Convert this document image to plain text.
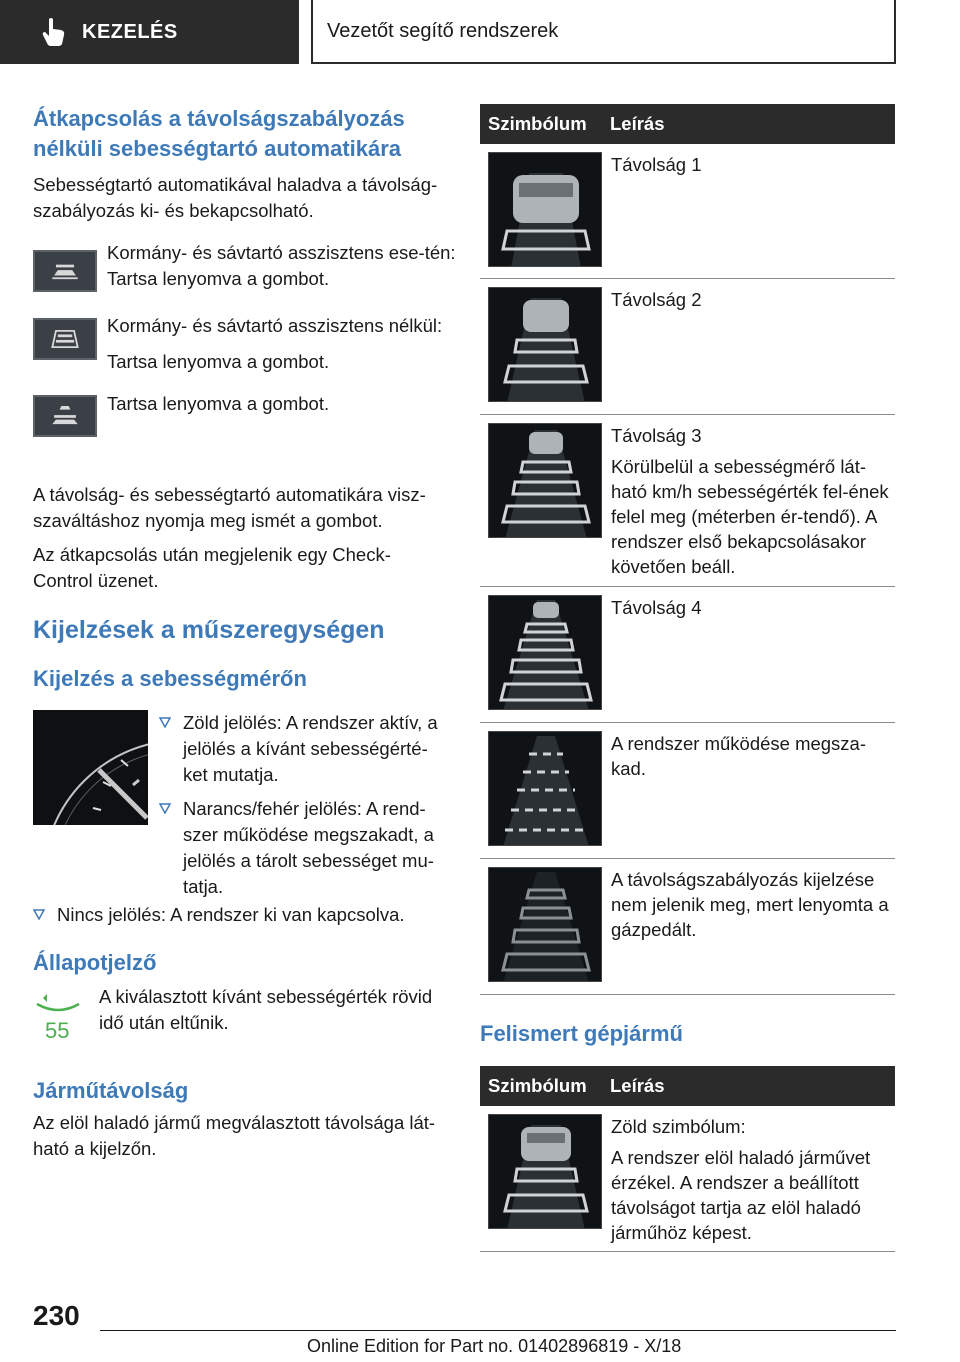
KEZELÉS	Vezetőt segítő rendszerek
Átkapcsolás a távolságszabályozás nélküli sebességtartó automatikára

Sebességtartó automatikával haladva a távolság-szabályozás ki- és bekapcsolható.

Kormány- és sávtartó asszisztens ese-tén: Tartsa lenyomva a gombot.
Kormány- és sávtartó asszisztens nélkül:
Tartsa lenyomva a gombot.
Tartsa lenyomva a gombot.

A távolság- és sebességtartó automatikára visz-szaváltáshoz nyomja meg ismét a gombot.

Az átkapcsolás után megjelenik egy Check-Control üzenet.

Kijelzések a műszeregységen
Kijelzés a sebességmérőn
Zöld jelölés: A rendszer aktív, a jelölés a kívánt sebességérté-ket mutatja.
Narancs/fehér jelölés: A rend-szer működése megszakadt, a jelölés a tárolt sebességet mu-tatja.
Nincs jelölés: A rendszer ki van kapcsolva.
Állapotjelző
55

A kiválasztott kívánt sebességérték rövid idő után eltűnik.

Járműtávolság

Az elöl haladó jármű megválasztott távolsága lát-ható a kijelzőn.

Szimbólum	Leírás

Távolság 1

Távolság 2

Távolság 3

Körülbelül a sebességmérő lát-ható km/h sebességérték fel-ének felel meg (méterben ér-tendő). A rendszer első bekapcsolásakor követően beáll.

Távolság 4

A rendszer működése megsza-kad.

A távolságszabályozás kijelzése nem jelenik meg, mert lenyomta a gázpedált.

Felismert gépjármű
Szimbólum	Leírás

Zöld szimbólum:

A rendszer elöl haladó járművet érzékel. A rendszer a beállított távolságot tartja az elöl haladó járműhöz képest.

230
Online Edition for Part no. 01402896819 - X/18
